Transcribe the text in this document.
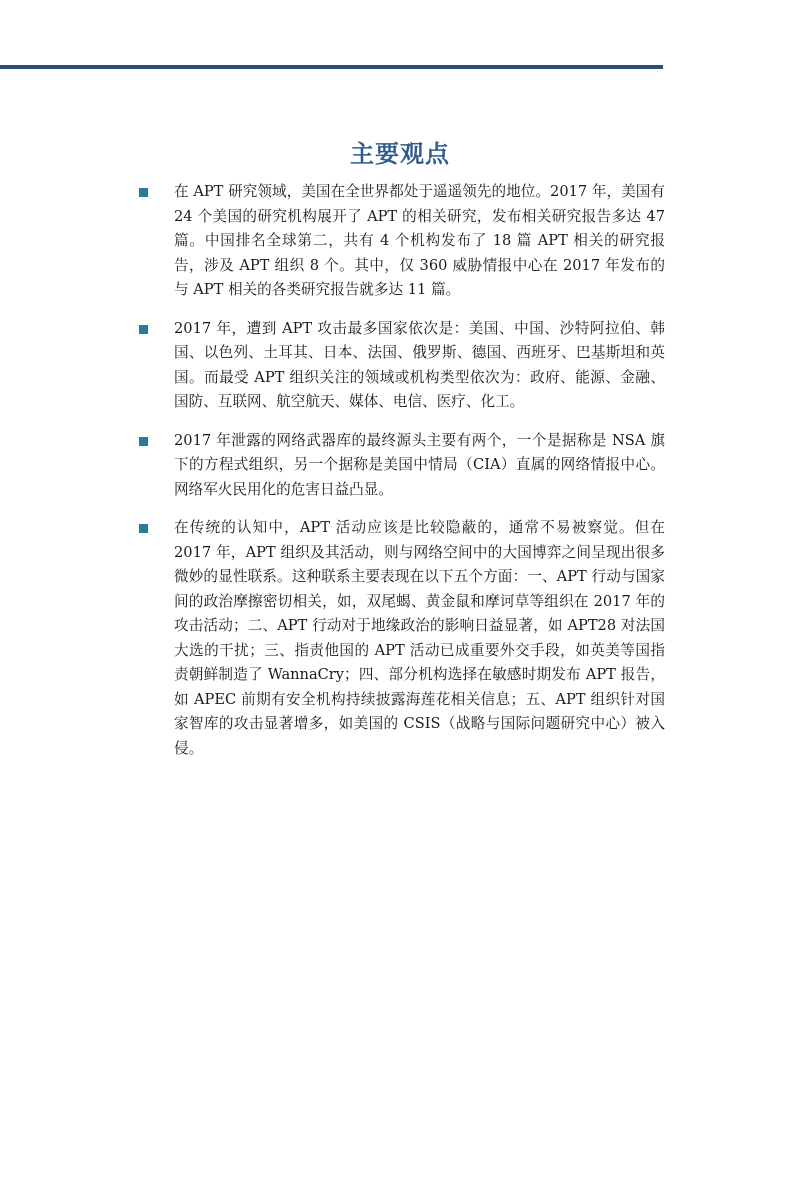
主要观点
在 APT 研究领域，美国在全世界都处于遥遥领先的地位。2017 年，美国有 24 个美国的研究机构展开了 APT 的相关研究，发布相关研究报告多达 47 篇。中国排名全球第二，共有 4 个机构发布了 18 篇 APT 相关的研究报告，涉及 APT 组织 8 个。其中，仅 360 威胁情报中心在 2017 年发布的与 APT 相关的各类研究报告就多达 11 篇。
2017 年，遭到 APT 攻击最多国家依次是：美国、中国、沙特阿拉伯、韩国、以色列、土耳其、日本、法国、俄罗斯、德国、西班牙、巴基斯坦和英国。而最受 APT 组织关注的领域或机构类型依次为：政府、能源、金融、国防、互联网、航空航天、媒体、电信、医疗、化工。
2017 年泄露的网络武器库的最终源头主要有两个，一个是据称是 NSA 旗下的方程式组织，另一个据称是美国中情局（CIA）直属的网络情报中心。网络军火民用化的危害日益凸显。
在传统的认知中，APT 活动应该是比较隐蔽的，通常不易被察觉。但在 2017 年，APT 组织及其活动，则与网络空间中的大国博弈之间呈现出很多微妙的显性联系。这种联系主要表现在以下五个方面：一、APT 行动与国家间的政治摩擦密切相关，如，双尾蝎、黄金鼠和摩诃草等组织在 2017 年的攻击活动；二、APT 行动对于地缘政治的影响日益显著，如 APT28 对法国大选的干扰；三、指责他国的 APT 活动已成重要外交手段，如英美等国指责朝鲜制造了 WannaCry；四、部分机构选择在敏感时期发布 APT 报告，如 APEC 前期有安全机构持续披露海莲花相关信息；五、APT 组织针对国家智库的攻击显著增多，如美国的 CSIS（战略与国际问题研究中心）被入侵。
